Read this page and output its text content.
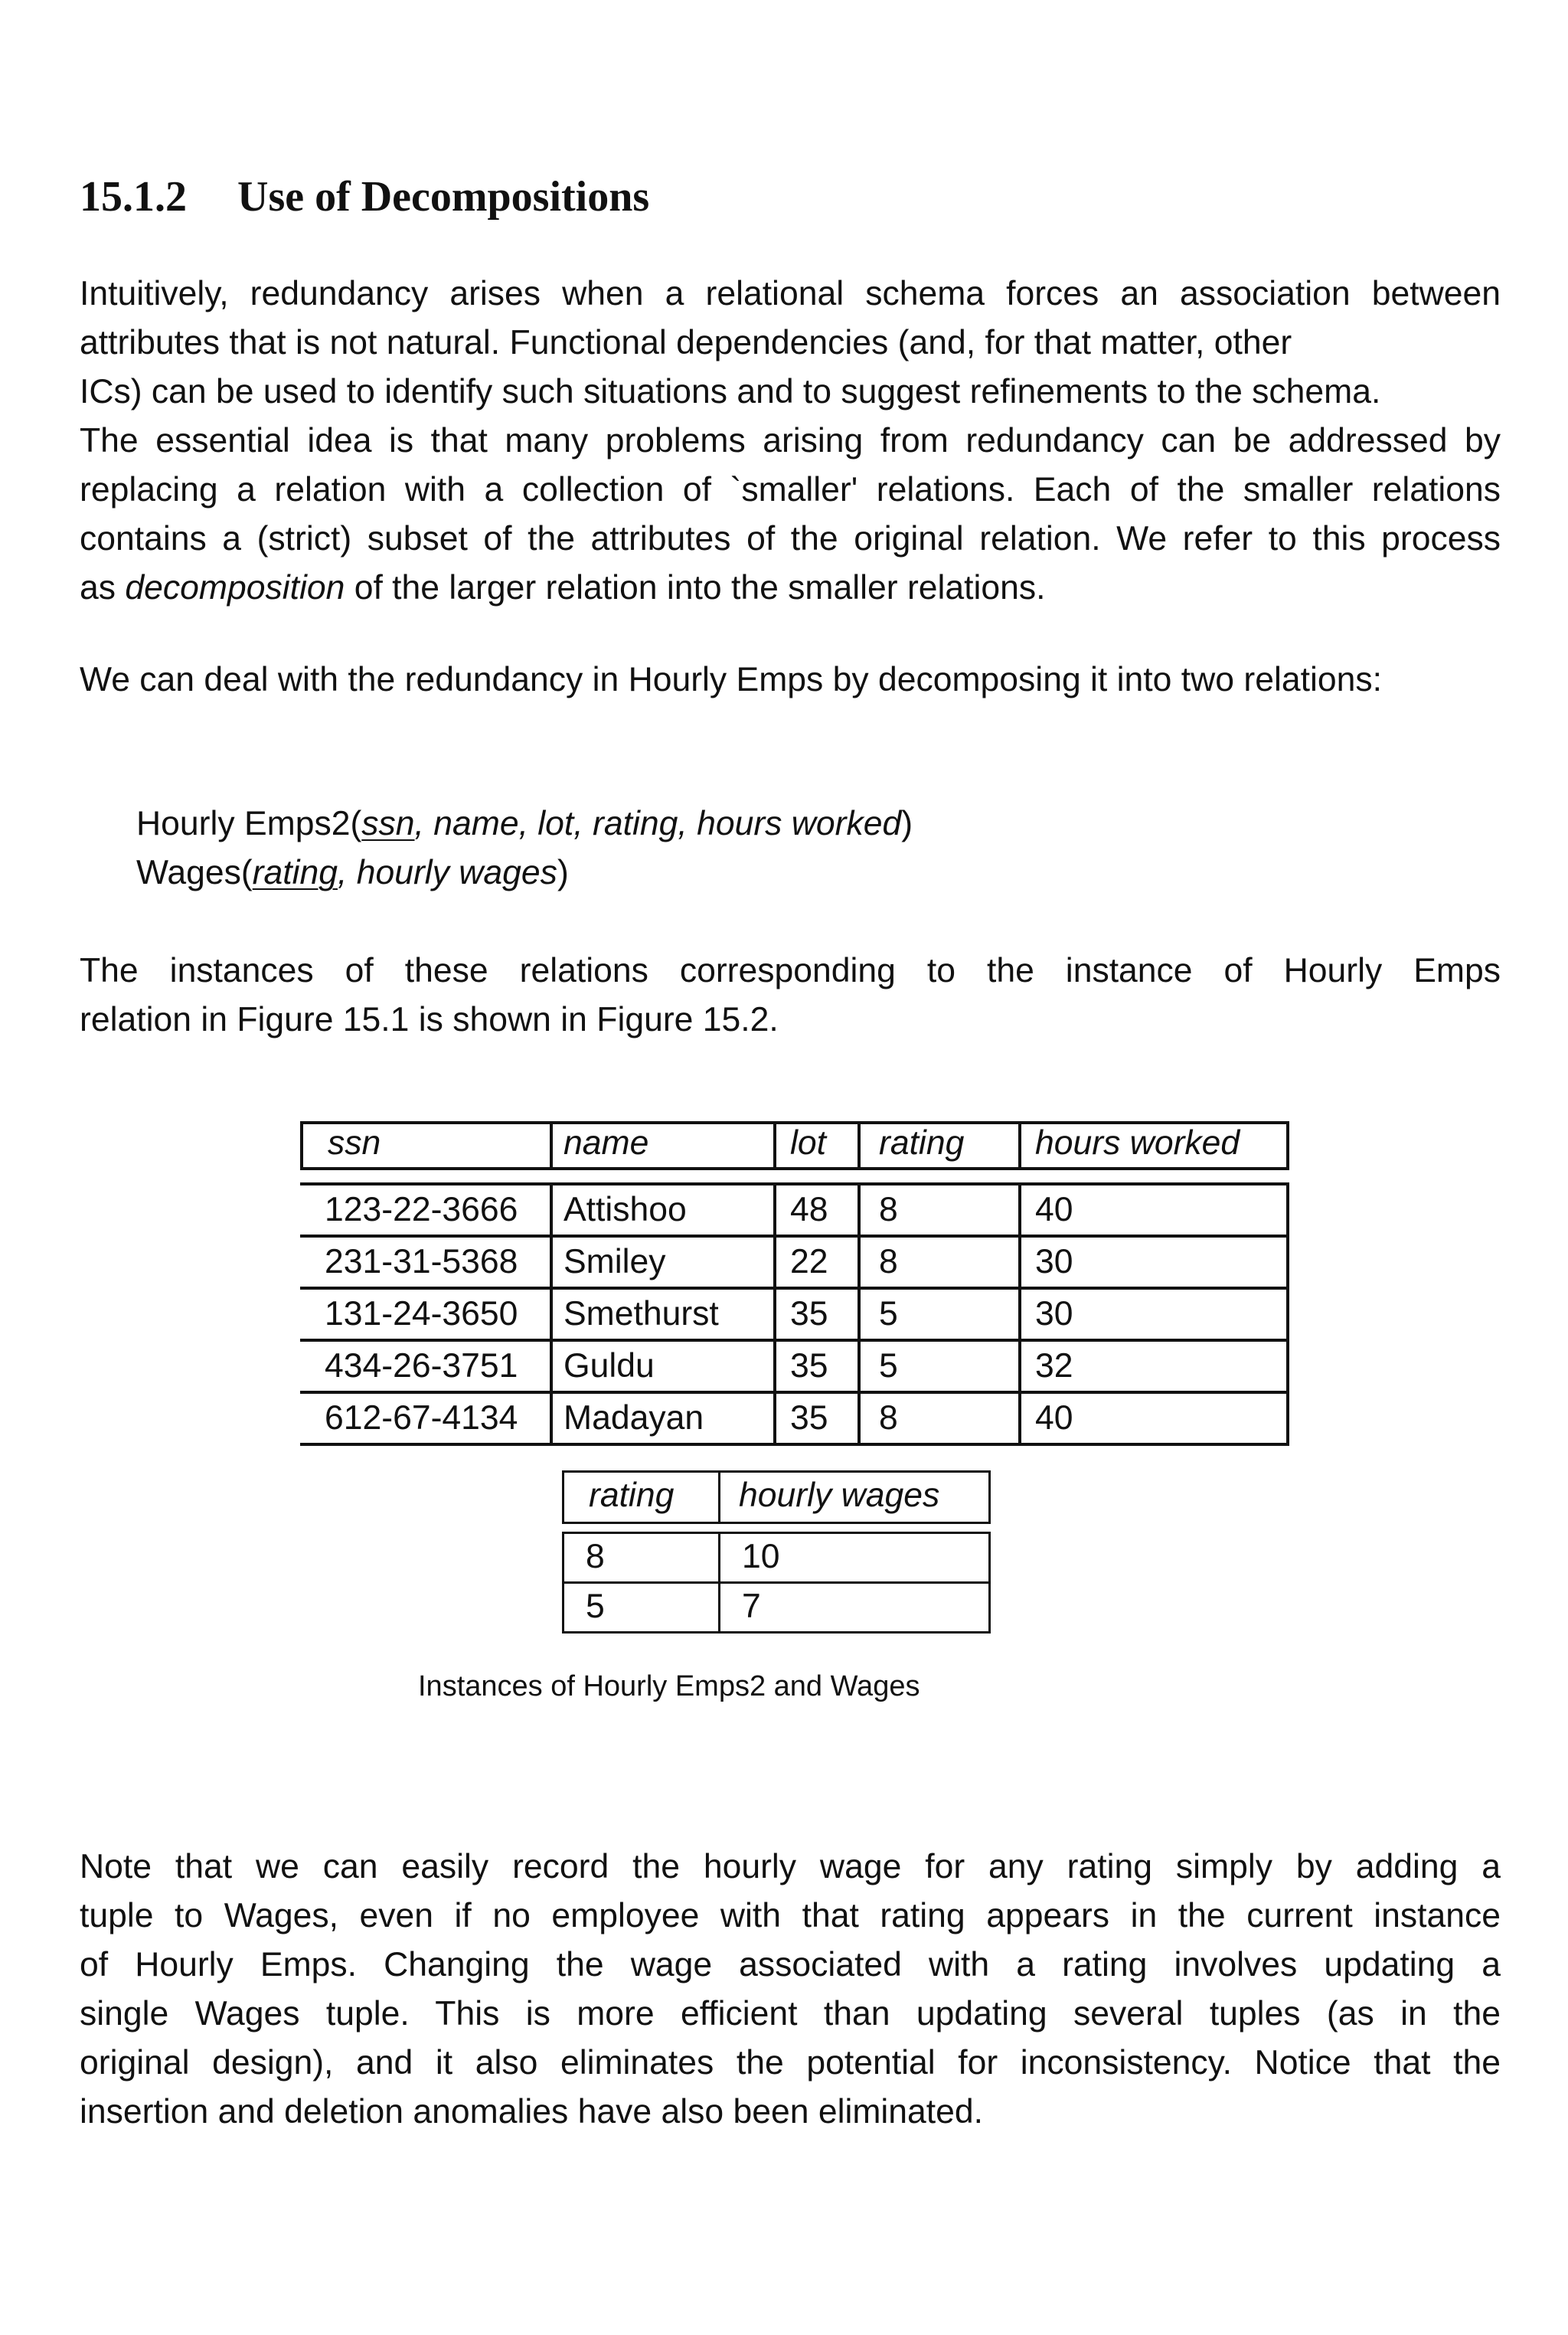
15.1.2 Use of Decompositions

Intuitively, redundancy arises when a relational schema forces an association between
attributes that is not natural. Functional dependencies (and, for that matter, other
ICs) can be used to identify such situations and to suggest refinements to the schema.
The essential idea is that many problems arising from redundancy can be addressed by
replacing a relation with a collection of `smaller' relations. Each of the smaller relations
contains a (strict) subset of the attributes of the original relation. We refer to this process
as decomposition of the larger relation into the smaller relations.

We can deal with the redundancy in Hourly Emps by decomposing it into two relations:

Hourly Emps2(ssn, name, lot, rating, hours worked)
Wages(rating, hourly wages)

The instances of these relations corresponding to the instance of Hourly Emps
relation in Figure 15.1 is shown in Figure 15.2.

ssn	name	lot	rating	hours worked
123-22-3666	Attishoo	48	8	40
231-31-5368	Smiley	22	8	30
131-24-3650	Smethurst	35	5	30
434-26-3751	Guldu	35	5	32
612-67-4134	Madayan	35	8	40
rating	hourly wages
8	10
5	7

Instances of Hourly Emps2 and Wages

Note that we can easily record the hourly wage for any rating simply by adding a
tuple to Wages, even if no employee with that rating appears in the current instance
of Hourly Emps. Changing the wage associated with a rating involves updating a
single Wages tuple. This is more efficient than updating several tuples (as in the
original design), and it also eliminates the potential for inconsistency. Notice that the
insertion and deletion anomalies have also been eliminated.
